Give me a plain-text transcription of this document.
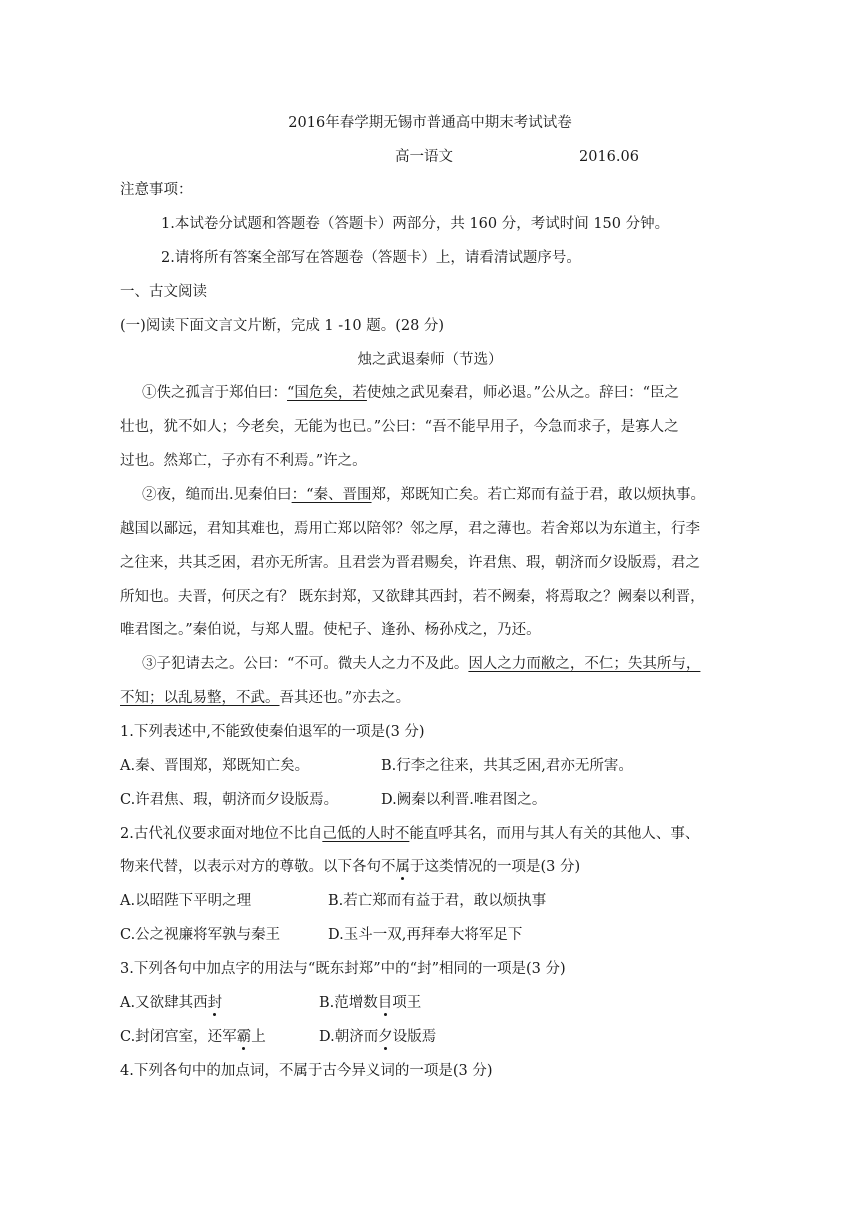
2016年春学期无锡市普通高中期末考试试卷
高一语文	2016.06
注意事项：
1.本试卷分试题和答题卷（答题卡）两部分，共 160 分，考试时间 150 分钟。
2.请将所有答案全部写在答题卷（答题卡）上，请看清试题序号。
一、古文阅读
(一)阅读下面文言文片断，完成 1 -10 题。(28 分)
烛之武退秦师（节选）
①佚之孤言于郑伯曰：“国危矣，若使烛之武见秦君，师必退。”公从之。辞曰：“臣之
壮也，犹不如人；今老矣，无能为也已。”公曰：“吾不能早用子，今急而求子，是寡人之
过也。然郑亡，子亦有不利焉。”许之。
②夜，缒而出.见秦伯曰：“秦、晋围郑，郑既知亡矣。若亡郑而有益于君，敢以烦执事。
越国以鄙远，君知其难也，焉用亡郑以陪邻？邻之厚，君之薄也。若舍郑以为东道主，行李
之往来，共其乏困，君亦无所害。且君尝为晋君赐矣，许君焦、瑕，朝济而夕设版焉，君之
所知也。夫晋，何厌之有？ 既东封郑，又欲肆其西封，若不阙秦，将焉取之？阙秦以利晋，
唯君图之。”秦伯说，与郑人盟。使杞子、逢孙、杨孙戍之，乃还。
③子犯请去之。公曰：“不可。微夫人之力不及此。因人之力而敝之，不仁；失其所与，
不知；以乱易整，不武。吾其还也。”亦去之。
1.下列表述中,不能致使秦伯退军的一项是(3 分)
A.秦、晋围郑，郑既知亡矣。	B.行李之往来，共其乏困,君亦无所害。
C.许君焦、瑕，朝济而夕设版焉。	D.阙秦以利晋.唯君图之。
2.古代礼仪要求面对地位不比自己低的人时不能直呼其名，而用与其人有关的其他人、事、
物来代替，以表示对方的尊敬。以下各句不属于这类情况的一项是(3 分)
A.以昭陛下平明之理	B.若亡郑而有益于君，敢以烦执事
C.公之视廉将军孰与秦王	D.玉斗一双,再拜奉大将军足下
3.下列各句中加点字的用法与“既东封郑”中的“封”相同的一项是(3 分)
A.又欲肆其西封	B.范增数目项王
C.封闭宫室，还军霸上	D.朝济而夕设版焉
4.下列各句中的加点词，不属于古今异义词的一项是(3 分)
